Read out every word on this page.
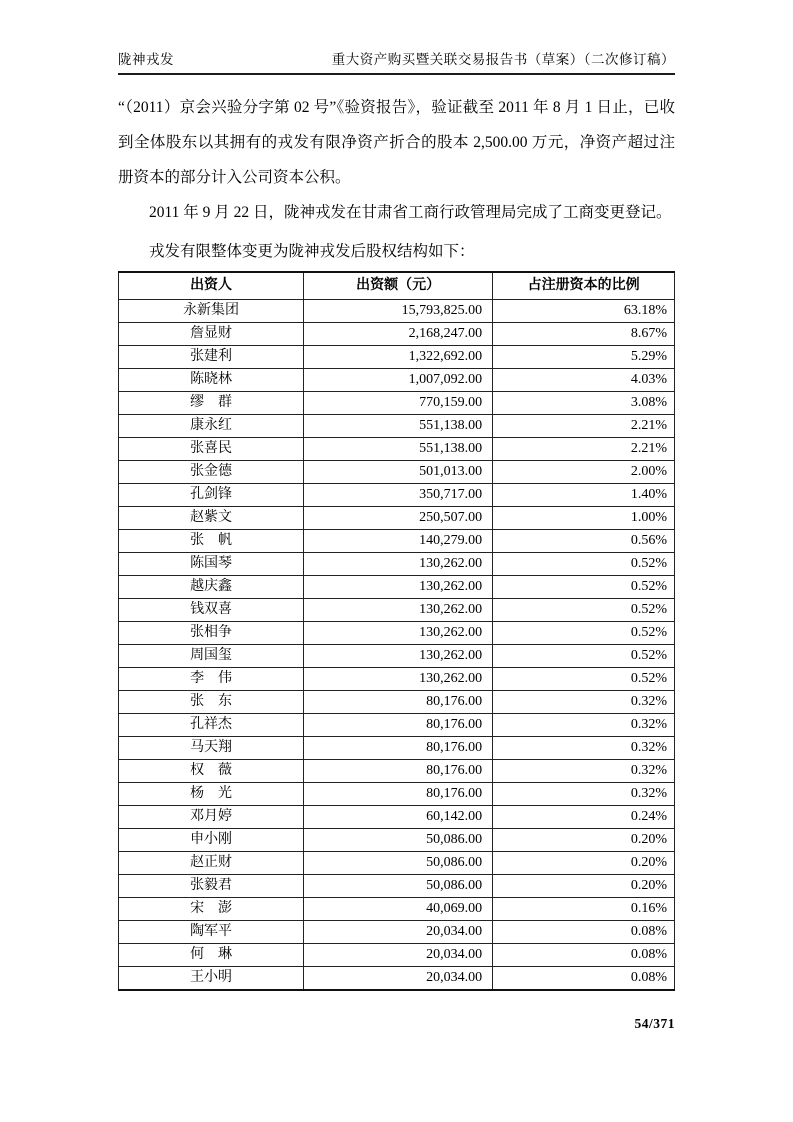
陇神戎发	重大资产购买暨关联交易报告书（草案）（二次修订稿）

“（2011）京会兴验分字第 02 号”《验资报告》，验证截至 2011 年 8 月 1 日止，已收到全体股东以其拥有的戎发有限净资产折合的股本 2,500.00 万元，净资产超过注册资本的部分计入公司资本公积。

2011 年 9 月 22 日，陇神戎发在甘肃省工商行政管理局完成了工商变更登记。

戎发有限整体变更为陇神戎发后股权结构如下：

出资人	出资额（元）	占注册资本的比例
永新集团	15,793,825.00	63.18%
詹显财	2,168,247.00	8.67%
张建利	1,322,692.00	5.29%
陈晓林	1,007,092.00	4.03%
缪　群	770,159.00	3.08%
康永红	551,138.00	2.21%
张喜民	551,138.00	2.21%
张金德	501,013.00	2.00%
孔剑锋	350,717.00	1.40%
赵紫文	250,507.00	1.00%
张　帆	140,279.00	0.56%
陈国琴	130,262.00	0.52%
越庆鑫	130,262.00	0.52%
钱双喜	130,262.00	0.52%
张相争	130,262.00	0.52%
周国玺	130,262.00	0.52%
李　伟	130,262.00	0.52%
张　东	80,176.00	0.32%
孔祥杰	80,176.00	0.32%
马天翔	80,176.00	0.32%
权　薇	80,176.00	0.32%
杨　光	80,176.00	0.32%
邓月婷	60,142.00	0.24%
申小刚	50,086.00	0.20%
赵正财	50,086.00	0.20%
张毅君	50,086.00	0.20%
宋　澎	40,069.00	0.16%
陶军平	20,034.00	0.08%
何　琳	20,034.00	0.08%
王小明	20,034.00	0.08%
54/371
